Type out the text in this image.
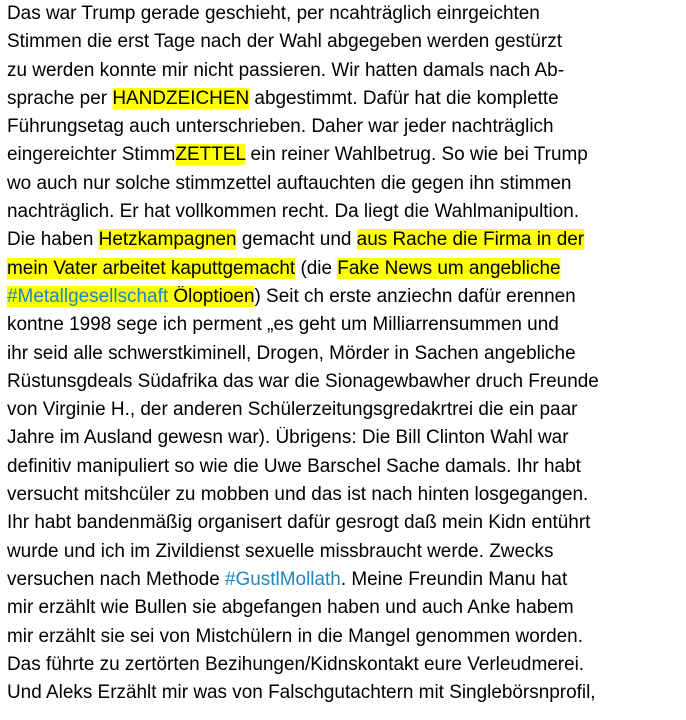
Das war Trump gerade geschieht, per ncahträglich einrgeichten
Stimmen die erst Tage nach der Wahl abgegeben werden gestürzt
zu werden konnte mir nicht passieren. Wir hatten damals nach Ab-
sprache per HANDZEICHEN abgestimmt. Dafür hat die komplette
Führungsetag auch unterschrieben. Daher war jeder nachträglich
eingereichter StimmZETTEL ein reiner Wahlbetrug. So wie bei Trump
wo auch nur solche stimmzettel auftauchten die gegen ihn stimmen
nachträglich. Er hat vollkommen recht. Da liegt die Wahlmanipultion.
Die haben Hetzkampagnen gemacht und aus Rache die Firma in der
mein Vater arbeitet kaputtgemacht (die Fake News um angebliche
#Metallgesellschaft Öloptioen) Seit ch erste anziechn dafür erennen
kontne 1998 sege ich perment „es geht um Milliarrensummen und
ihr seid alle schwerstkiminell, Drogen, Mörder in Sachen angebliche
Rüstunsgdeals Südafrika das war die Sionagewbawher druch Freunde
von Virginie H., der anderen Schülerzeitungsgredakrtrei die ein paar
Jahre im Ausland gewesn war). Übrigens: Die Bill Clinton Wahl war
definitiv manipuliert so wie die Uwe Barschel Sache damals. Ihr habt
versucht mitshcüler zu mobben und das ist nach hinten losgegangen.
Ihr habt bandenmäßig organisert dafür gesrogt daß mein Kidn entührt
wurde und ich im Zivildienst sexuelle missbraucht werde. Zwecks
versuchen nach Methode #GustlMollath. Meine Freundin Manu hat
mir erzählt wie Bullen sie abgefangen haben und auch Anke habem
mir erzählt sie sei von Mistchülern in die Mangel genommen worden.
Das führte zu zertörten Bezihungen/Kidnskontakt eure Verleudmerei.
Und Aleks Erzählt mir was von Falschgutachtern mit Singlebörsnprofil,
